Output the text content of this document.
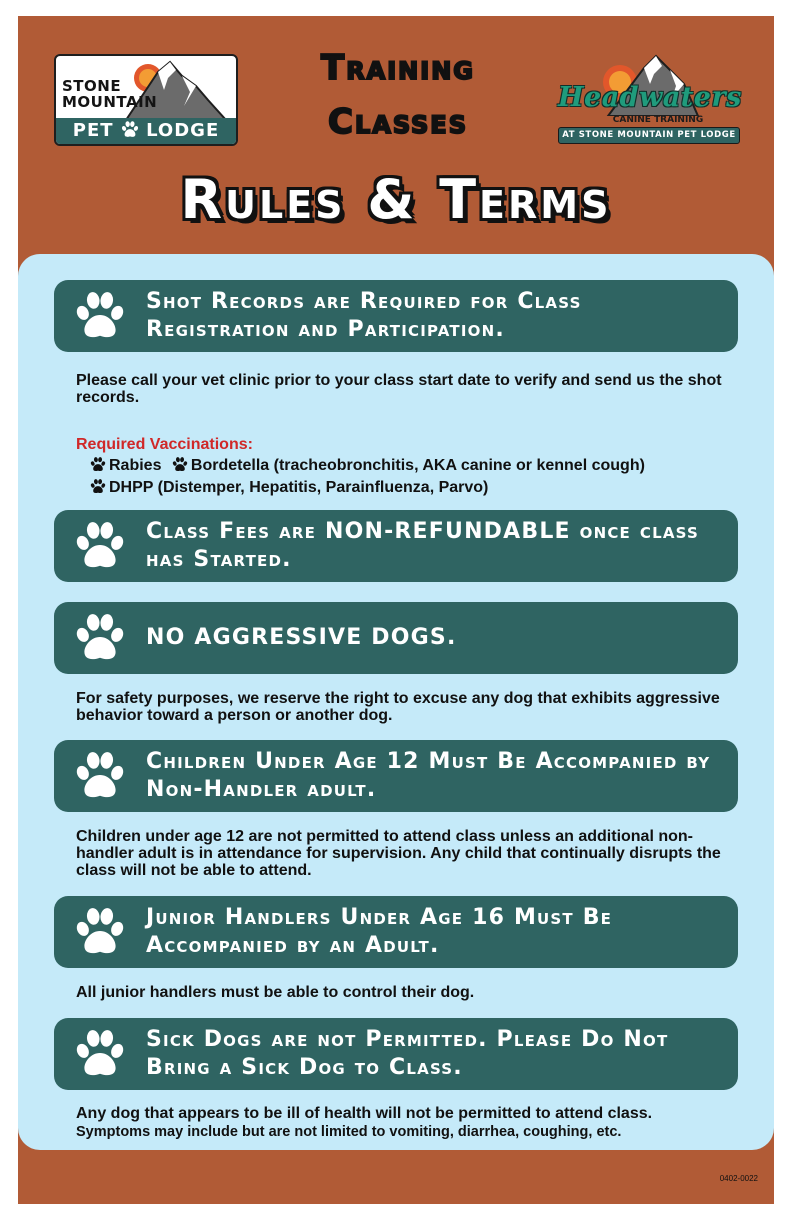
STONE
MOUNTAIN
PET LODGE
Training
Classes
Headwaters
CANINE TRAINING
AT STONE MOUNTAIN PET LODGE
Rules & Terms
Shot Records are Required for Class Registration and Participation.
Please call your vet clinic prior to your class start date to verify and send us the shot records.
Required Vaccinations:
Rabies Bordetella (tracheobronchitis, AKA canine or kennel cough)
DHPP (Distemper, Hepatitis, Parainfluenza, Parvo)
Class Fees are NON-REFUNDABLE once class has Started.
NO AGGRESSIVE DOGS.
For safety purposes, we reserve the right to excuse any dog that exhibits aggressive behavior toward a person or another dog.
Children Under Age 12 Must Be Accompanied by Non-Handler adult.
Children under age 12 are not permitted to attend class unless an additional non-handler adult is in attendance for supervision. Any child that continually disrupts the class will not be able to attend.
Junior Handlers Under Age 16 Must Be Accompanied by an Adult.
All junior handlers must be able to control their dog.
Sick Dogs are not Permitted. Please Do Not Bring a Sick Dog to Class.
Any dog that appears to be ill of health will not be permitted to attend class.
Symptoms may include but are not limited to vomiting, diarrhea, coughing, etc.
0402-0022
